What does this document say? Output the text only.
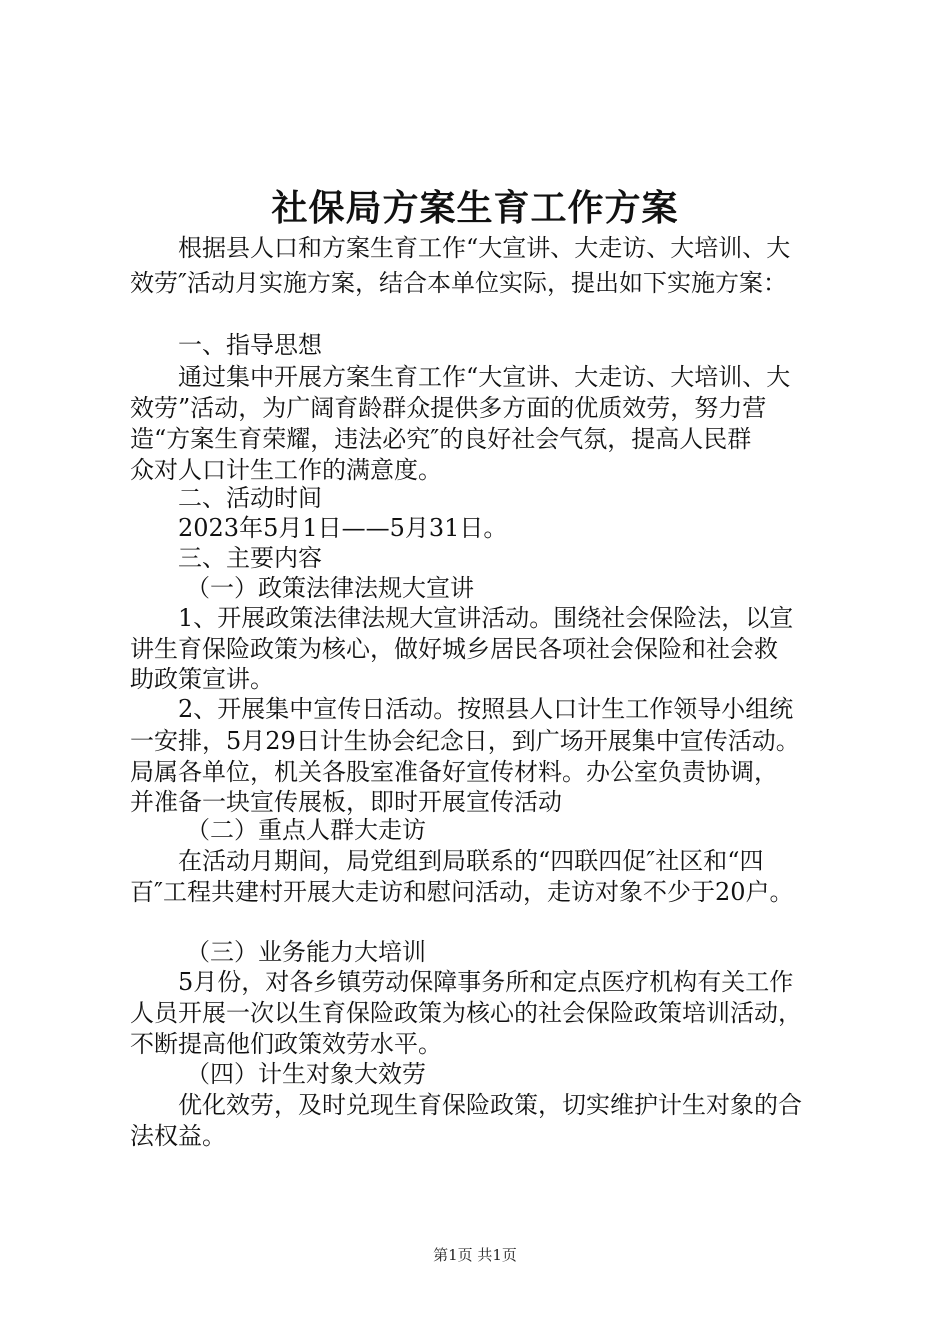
社保局方案生育工作方案
根据县人口和方案生育工作“大宣讲、大走访、大培训、大
效劳″活动月实施方案，结合本单位实际，提出如下实施方案：
一、指导思想
通过集中开展方案生育工作“大宣讲、大走访、大培训、大
效劳”活动，为广阔育龄群众提供多方面的优质效劳，努力营
造“方案生育荣耀，违法必究″的良好社会气氛，提高人民群
众对人口计生工作的满意度。
二、活动时间
2023年5月1日——5月31日。
三、主要内容
（一）政策法律法规大宣讲
1、开展政策法律法规大宣讲活动。围绕社会保险法，以宣
讲生育保险政策为核心，做好城乡居民各项社会保险和社会救
助政策宣讲。
2、开展集中宣传日活动。按照县人口计生工作领导小组统
一安排，5月29日计生协会纪念日，到广场开展集中宣传活动。
局属各单位，机关各股室准备好宣传材料。办公室负责协调，
并准备一块宣传展板，即时开展宣传活动
（二）重点人群大走访
在活动月期间，局党组到局联系的“四联四促″社区和“四
百″工程共建村开展大走访和慰问活动，走访对象不少于20户。
（三）业务能力大培训
5月份，对各乡镇劳动保障事务所和定点医疗机构有关工作
人员开展一次以生育保险政策为核心的社会保险政策培训活动，
不断提高他们政策效劳水平。
（四）计生对象大效劳
优化效劳，及时兑现生育保险政策，切实维护计生对象的合
法权益。
第1页 共1页
